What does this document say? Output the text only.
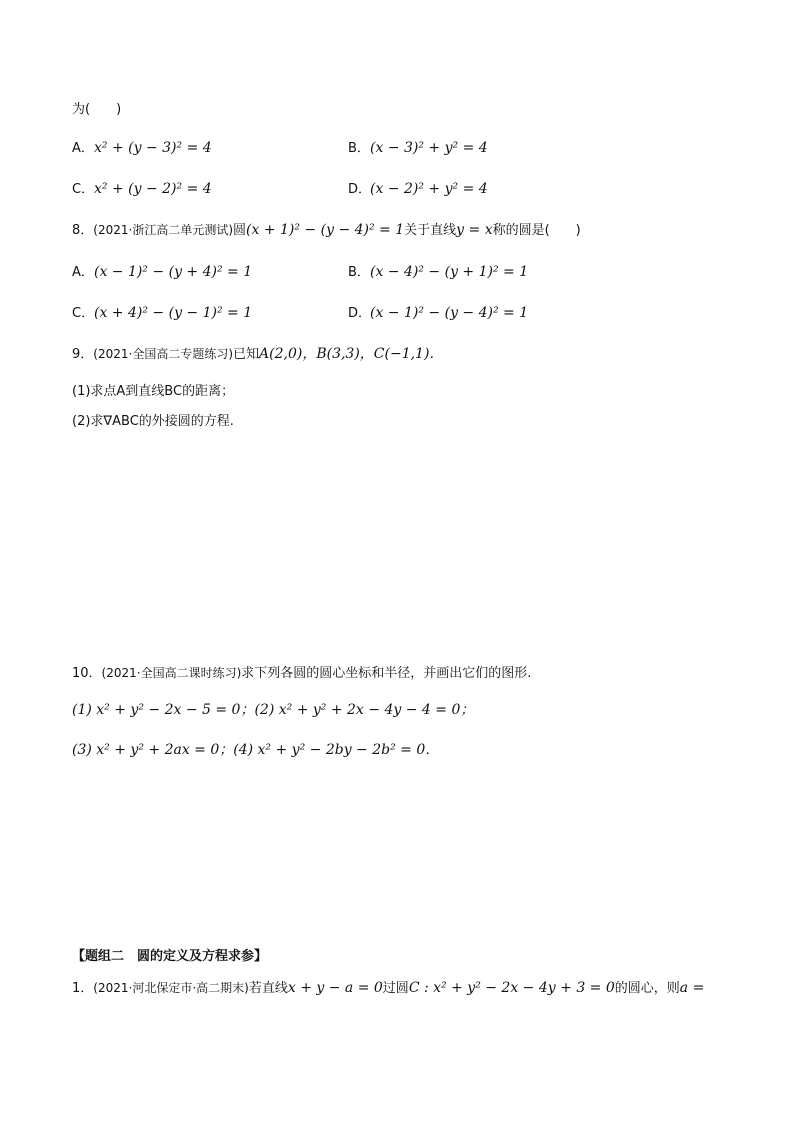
为(　　)
A．x² + (y − 3)² = 4	B．(x − 3)² + y² = 4
C．x² + (y − 2)² = 4	D．(x − 2)² + y² = 4
8．(2021·浙江高二单元测试)圆(x + 1)² − (y − 4)² = 1关于直线y = x称的圆是(　　)
A．(x − 1)² − (y + 4)² = 1	B．(x − 4)² − (y + 1)² = 1
C．(x + 4)² − (y − 1)² = 1	D．(x − 1)² − (y − 4)² = 1
9．(2021·全国高二专题练习)已知A(2,0)，B(3,3)，C(−1,1)．
(1)求点A到直线BC的距离；
(2)求∇ABC的外接圆的方程.
10．(2021·全国高二课时练习)求下列各圆的圆心坐标和半径，并画出它们的图形.
(1) x² + y² − 2x − 5 = 0；(2) x² + y² + 2x − 4y − 4 = 0；
(3) x² + y² + 2ax = 0；(4) x² + y² − 2by − 2b² = 0．
【题组二　圆的定义及方程求参】
1．(2021·河北保定市·高二期末)若直线x + y − a = 0过圆C : x² + y² − 2x − 4y + 3 = 0的圆心，则a =
